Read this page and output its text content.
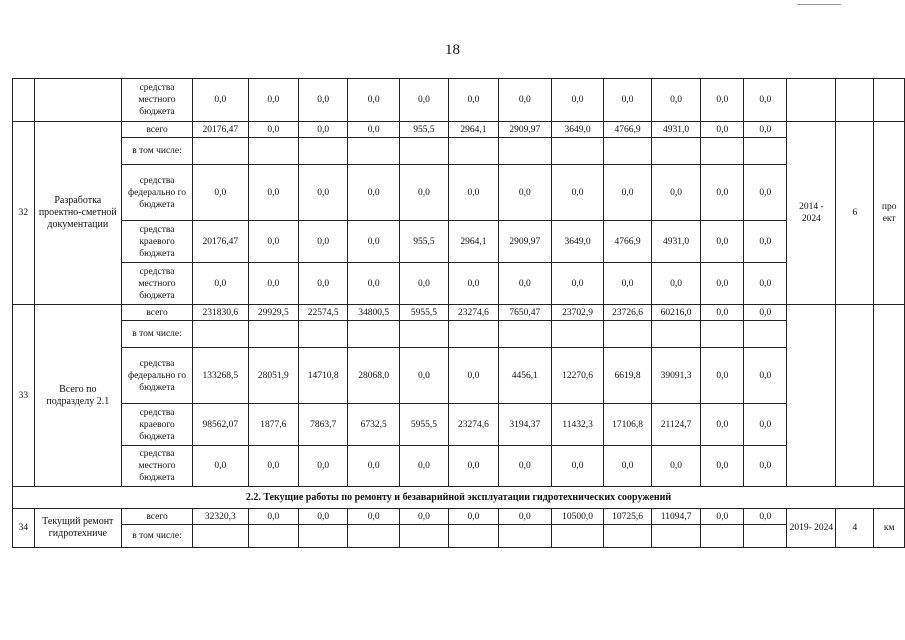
18
		средства местного бюджета	0,0	0,0	0,0	0,0	0,0	0,0	0,0	0,0	0,0	0,0	0,0	0,0			
32	Разработка проектно-сметной документации	всего	20176,47	0,0	0,0	0,0	955,5	2964,1	2909,97	3649,0	4766,9	4931,0	0,0	0,0	2014 - 2024	6	про ект
		в том числе:															
		средства федерально го бюджета	0,0	0,0	0,0	0,0	0,0	0,0	0,0	0,0	0,0	0,0	0,0	0,0			
		средства краевого бюджета	20176,47	0,0	0,0	0,0	955,5	2964,1	2909,97	3649,0	4766,9	4931,0	0,0	0,0			
		средства местного бюджета	0,0	0,0	0,0	0,0	0,0	0,0	0,0	0,0	0,0	0,0	0,0	0,0			
33	Всего по подразделу 2.1	всего	231830,6	29929,5	22574,5	34800,5	5955,5	23274,6	7650,47	23702,9	23726,6	60216,0	0,0	0,0			
		в том числе:															
		средства федерально го бюджета	133268,5	28051,9	14710,8	28068,0	0,0	0,0	4456,1	12270,6	6619,8	39091,3	0,0	0,0			
		средства краевого бюджета	98562,07	1877,6	7863,7	6732,5	5955,5	23274,6	3194,37	11432,3	17106,8	21124,7	0,0	0,0			
		средства местного бюджета	0,0	0,0	0,0	0,0	0,0	0,0	0,0	0,0	0,0	0,0	0,0	0,0			
2.2. Текущие работы по ремонту и безаварийной эксплуатации гидротехнических сооружений																	
34	Текущий ремонт гидротехниче	всего	32320,3	0,0	0,0	0,0	0,0	0,0	0,0	10500,0	10725,6	11094,7	0,0	0,0	2019- 2024	4	км
		в том числе:															
